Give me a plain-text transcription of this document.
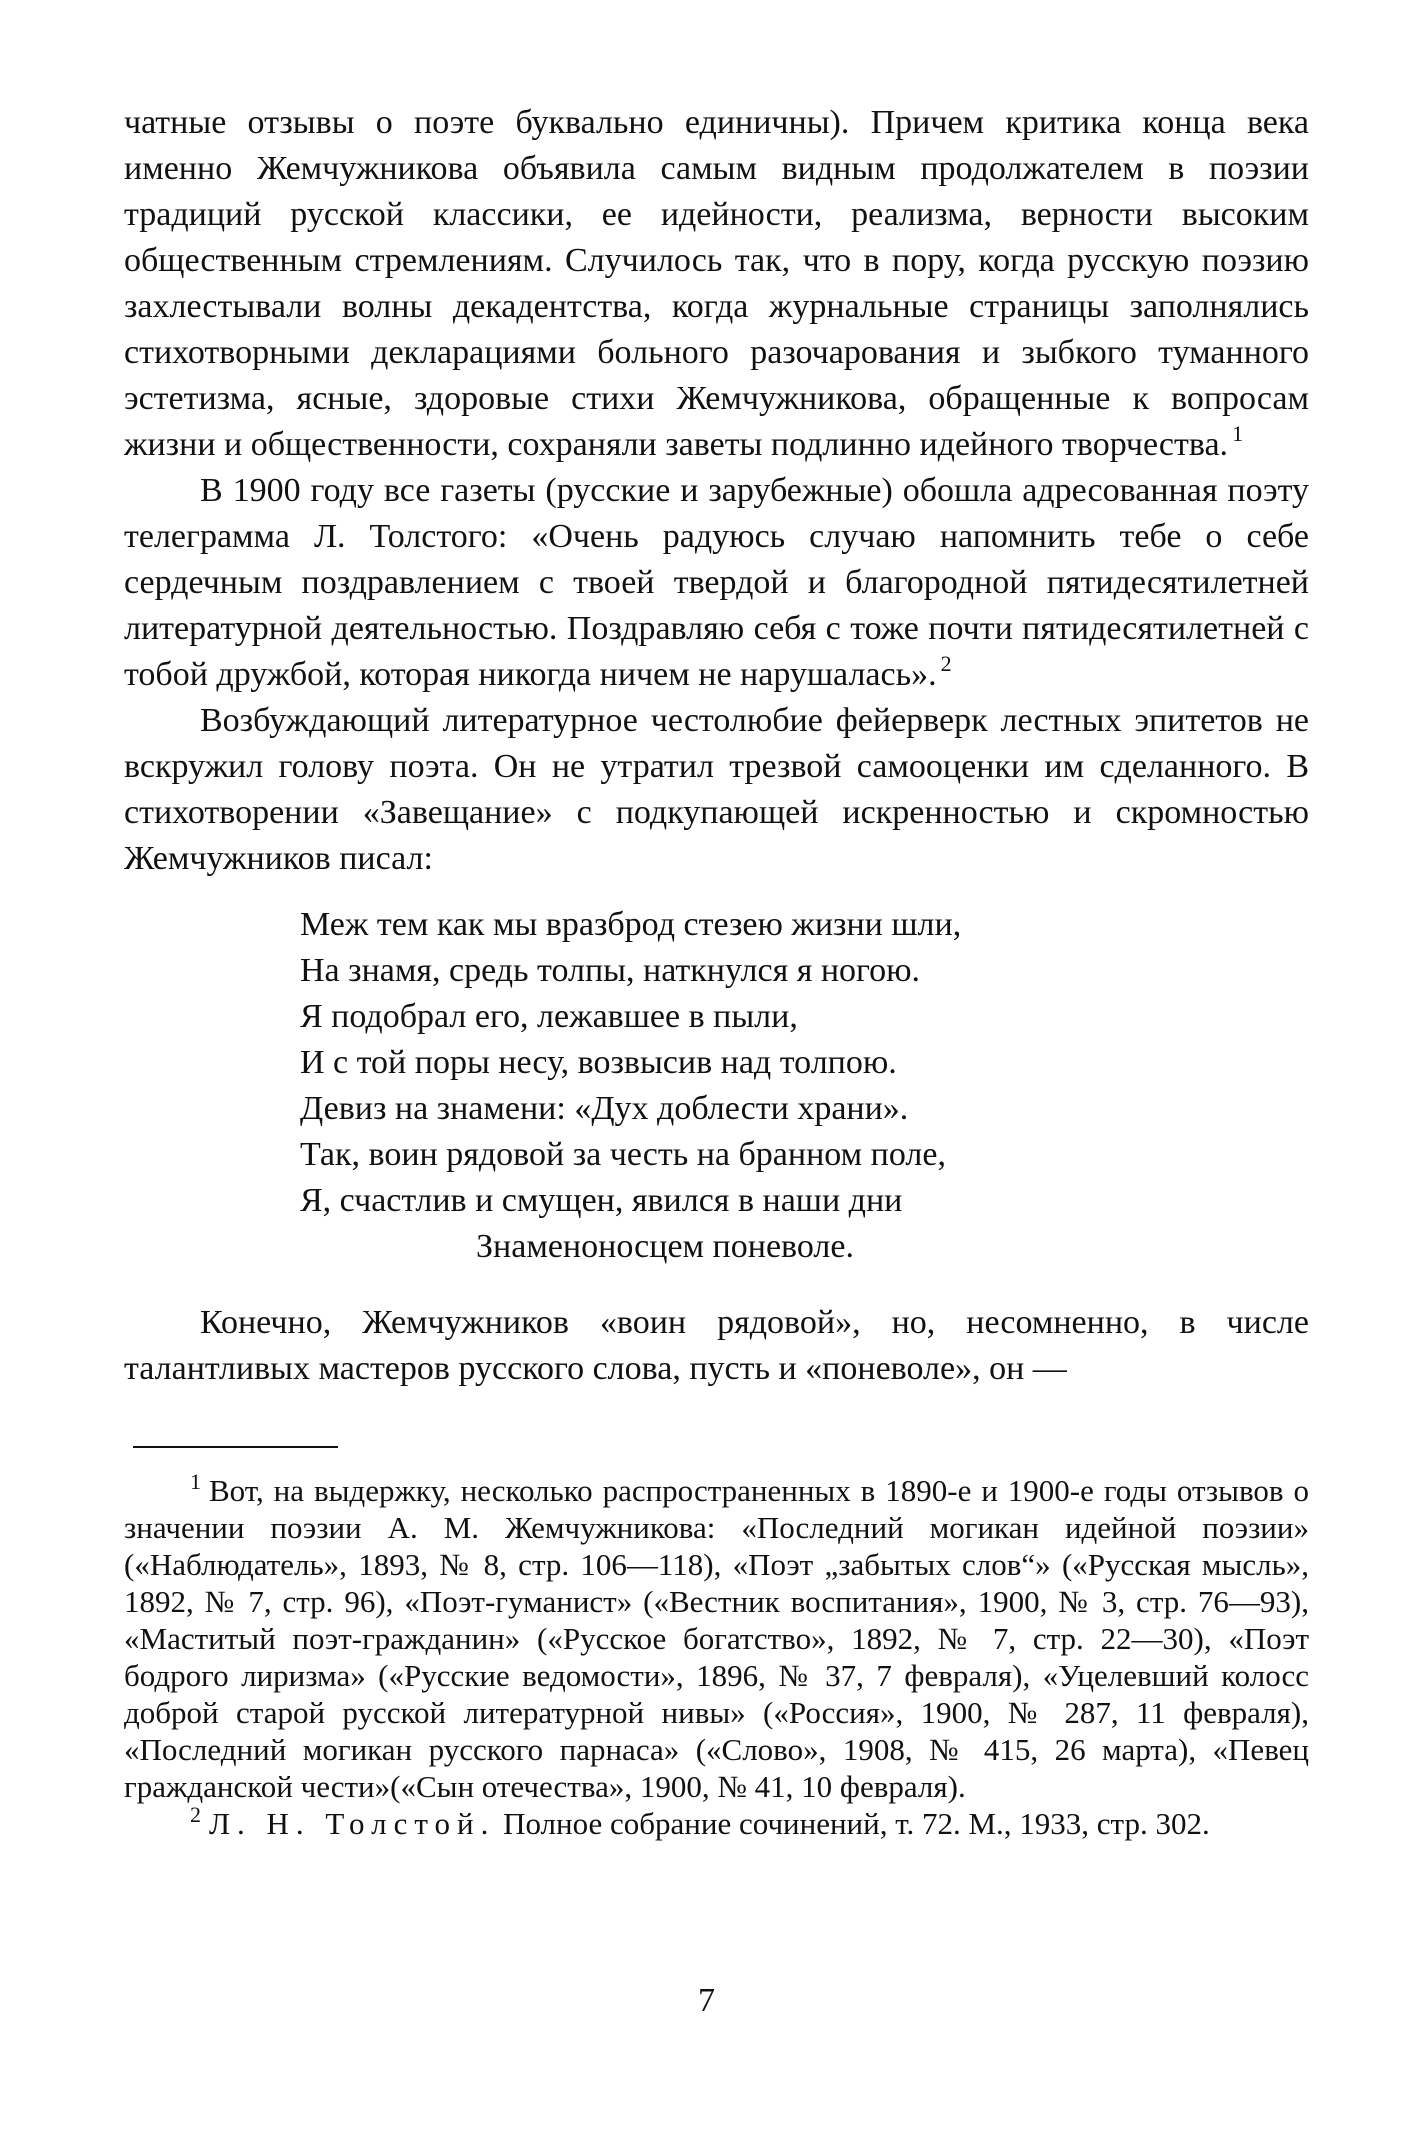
чатные отзывы о поэте буквально единичны). Причем критика конца века именно Жемчужникова объявила самым видным продолжателем в поэзии традиций русской классики, ее идейности, реализма, верности высоким общественным стремлениям. Случилось так, что в пору, когда русскую поэзию захлестывали волны декадентства, когда журнальные страницы заполнялись стихотворными декларациями больного разочарования и зыбкого туманного эстетизма, ясные, здоровые стихи Жемчужникова, обращенные к вопросам жизни и общественности, сохраняли заветы подлинно идейного творчества. $^1$

В 1900 году все газеты (русские и зарубежные) обошла адресованная поэту телеграмма Л. Толстого: «Очень радуюсь случаю напомнить тебе о себе сердечным поздравлением с твоей твердой и благородной пятидесятилетней литературной деятельностью. Поздравляю себя с тоже почти пятидесятилетней с тобой дружбой, которая никогда ничем не нарушалась». $^2$

Возбуждающий литературное честолюбие фейерверк лестных эпитетов не вскружил голову поэта. Он не утратил трезвой самооценки им сделанного. В стихотворении «Завещание» с подкупающей искренностью и скромностью Жемчужников писал:

Меж тем как мы вразброд стезею жизни шли,
На знамя, средь толпы, наткнулся я ногою.
Я подобрал его, лежавшее в пыли,
И с той поры несу, возвысив над толпою.
Девиз на знамени: «Дух доблести храни».
Так, воин рядовой за честь на бранном поле,
Я, счастлив и смущен, явился в наши дни
Знаменоносцем поневоле.

Конечно, Жемчужников «воин рядовой», но, несомненно, в числе талантливых мастеров русского слова, пусть и «поневоле», он —

$^1$ Вот, на выдержку, несколько распространенных в 1890-е и 1900-е годы отзывов о значении поэзии А. М. Жемчужникова: «Последний могикан идейной поэзии» («Наблюдатель», 1893, № 8, стр. 106—118), «Поэт „забытых слов“» («Русская мысль», 1892, № 7, стр. 96), «Поэт-гуманист» («Вестник воспитания», 1900, № 3, стр. 76—93), «Маститый поэт-гражданин» («Русское богатство», 1892, № 7, стр. 22—30), «Поэт бодрого лиризма» («Русские ведомости», 1896, № 37, 7 февраля), «Уцелевший колосс доброй старой русской литературной нивы» («Россия», 1900, № 287, 11 февраля), «Последний могикан русского парнаса» («Слово», 1908, № 415, 26 марта), «Певец гражданской чести»(«Сын отечества», 1900, № 41, 10 февраля).

$^2$ Л. Н. Толстой. Полное собрание сочинений, т. 72. М., 1933, стр. 302.

7
